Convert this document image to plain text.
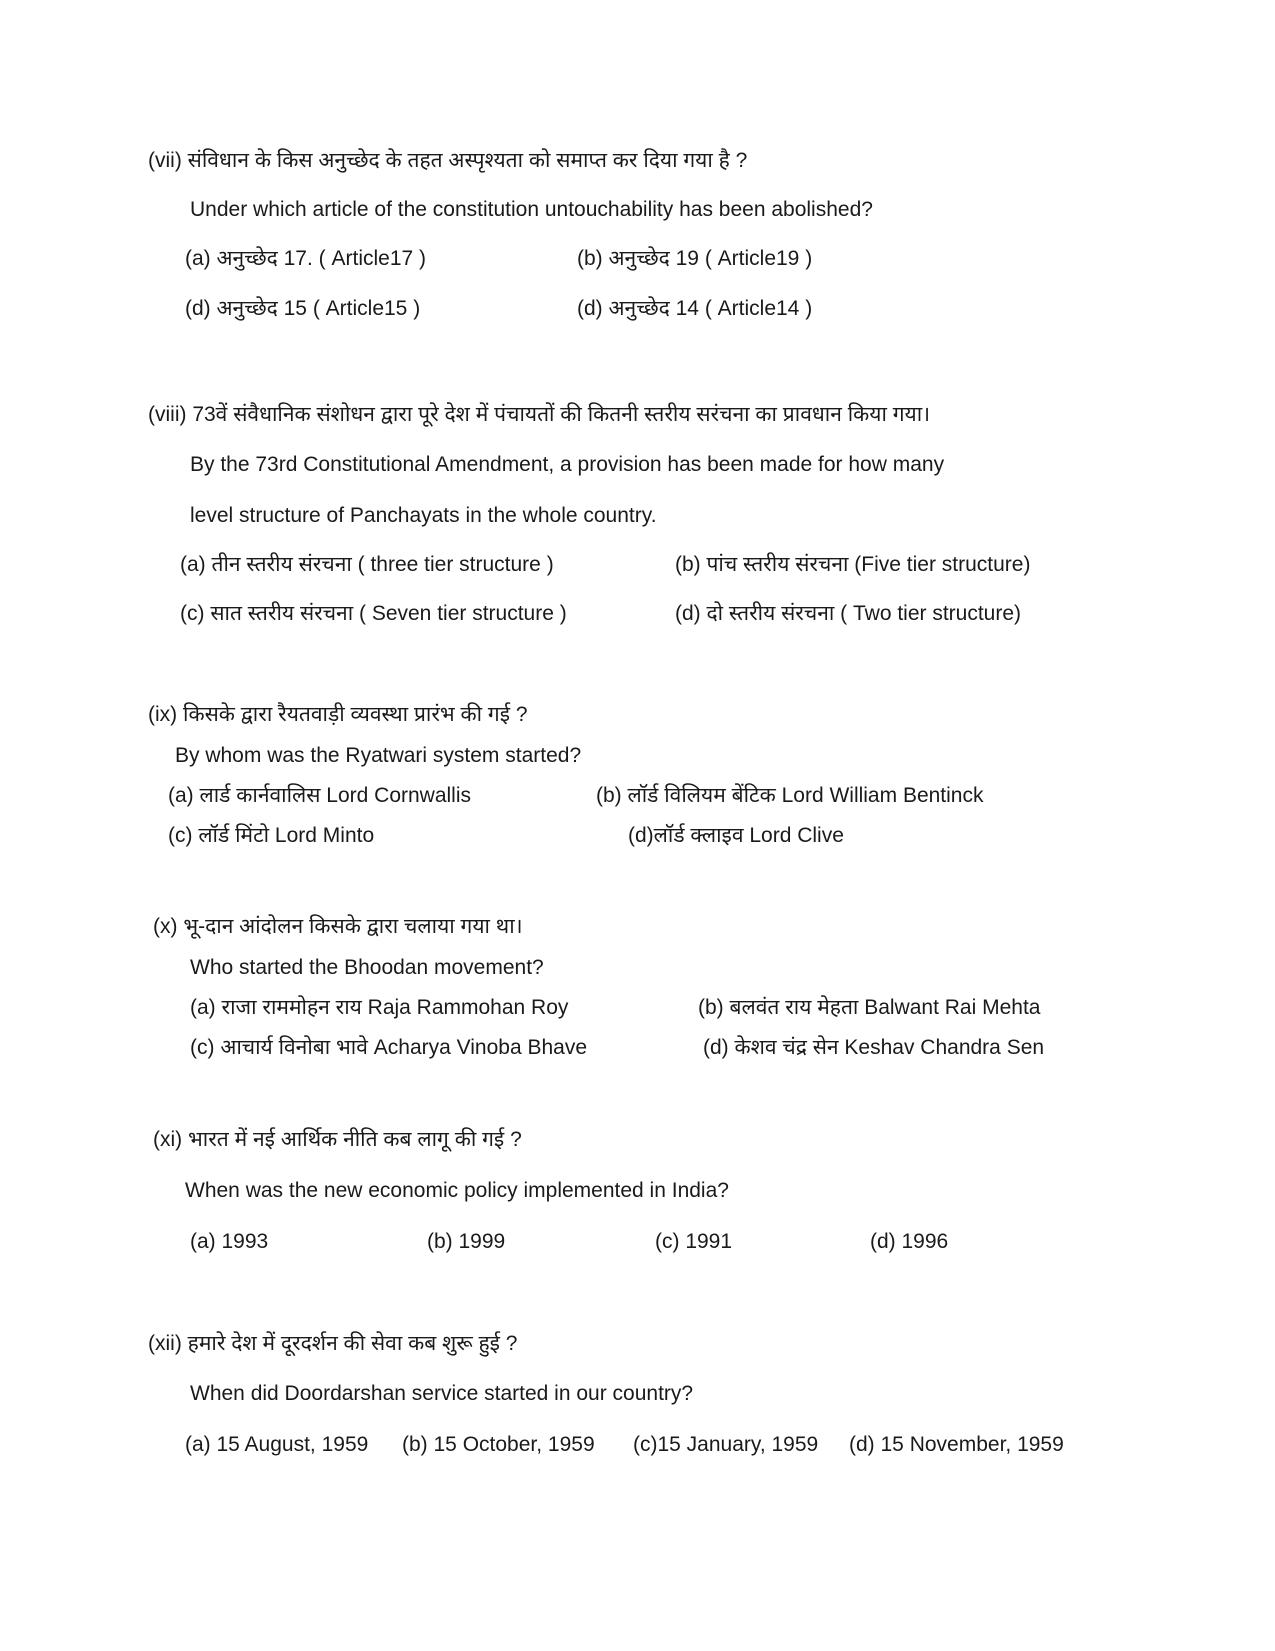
(vii) संविधान के किस अनुच्छेद के तहत अस्पृश्यता को समाप्त कर दिया गया है ?
Under which article of the constitution untouchability has been abolished?
(a) अनुच्छेद 17. ( Article17 )	(b) अनुच्छेद 19 ( Article19 )
(d) अनुच्छेद 15 ( Article15 )	(d) अनुच्छेद 14 ( Article14 )
(viii) 73वें संवैधानिक संशोधन द्वारा पूरे देश में पंचायतों की कितनी स्तरीय सरंचना का प्रावधान किया गया।
By the 73rd Constitutional Amendment, a provision has been made for how many
level structure of Panchayats in the whole country.
(a) तीन स्तरीय संरचना ( three tier structure )	(b) पांच स्तरीय संरचना (Five tier structure)
(c) सात स्तरीय संरचना ( Seven tier structure )	(d) दो स्तरीय संरचना ( Two tier structure)
(ix) किसके द्वारा रैयतवाड़ी व्यवस्था प्रारंभ की गई ?
By whom was the Ryatwari system started?
(a) लार्ड कार्नवालिस Lord Cornwallis	(b) लॉर्ड विलियम बेंटिक Lord William Bentinck
(c) लॉर्ड मिंटो Lord Minto	(d)लॉर्ड क्लाइव Lord Clive
(x) भू-दान आंदोलन किसके द्वारा चलाया गया था।
Who started the Bhoodan movement?
(a) राजा राममोहन राय Raja Rammohan Roy	(b) बलवंत राय मेहता Balwant Rai Mehta
(c) आचार्य विनोबा भावे Acharya Vinoba Bhave	(d) केशव चंद्र सेन Keshav Chandra Sen
(xi) भारत में नई आर्थिक नीति कब लागू की गई ?
When was the new economic policy implemented in India?
(a) 1993	(b) 1999	(c) 1991	(d) 1996
(xii) हमारे देश में दूरदर्शन की सेवा कब शुरू हुई ?
When did Doordarshan service started in our country?
(a) 15 August, 1959 (b) 15 October, 1959 (c)15 January, 1959 (d) 15 November, 1959
